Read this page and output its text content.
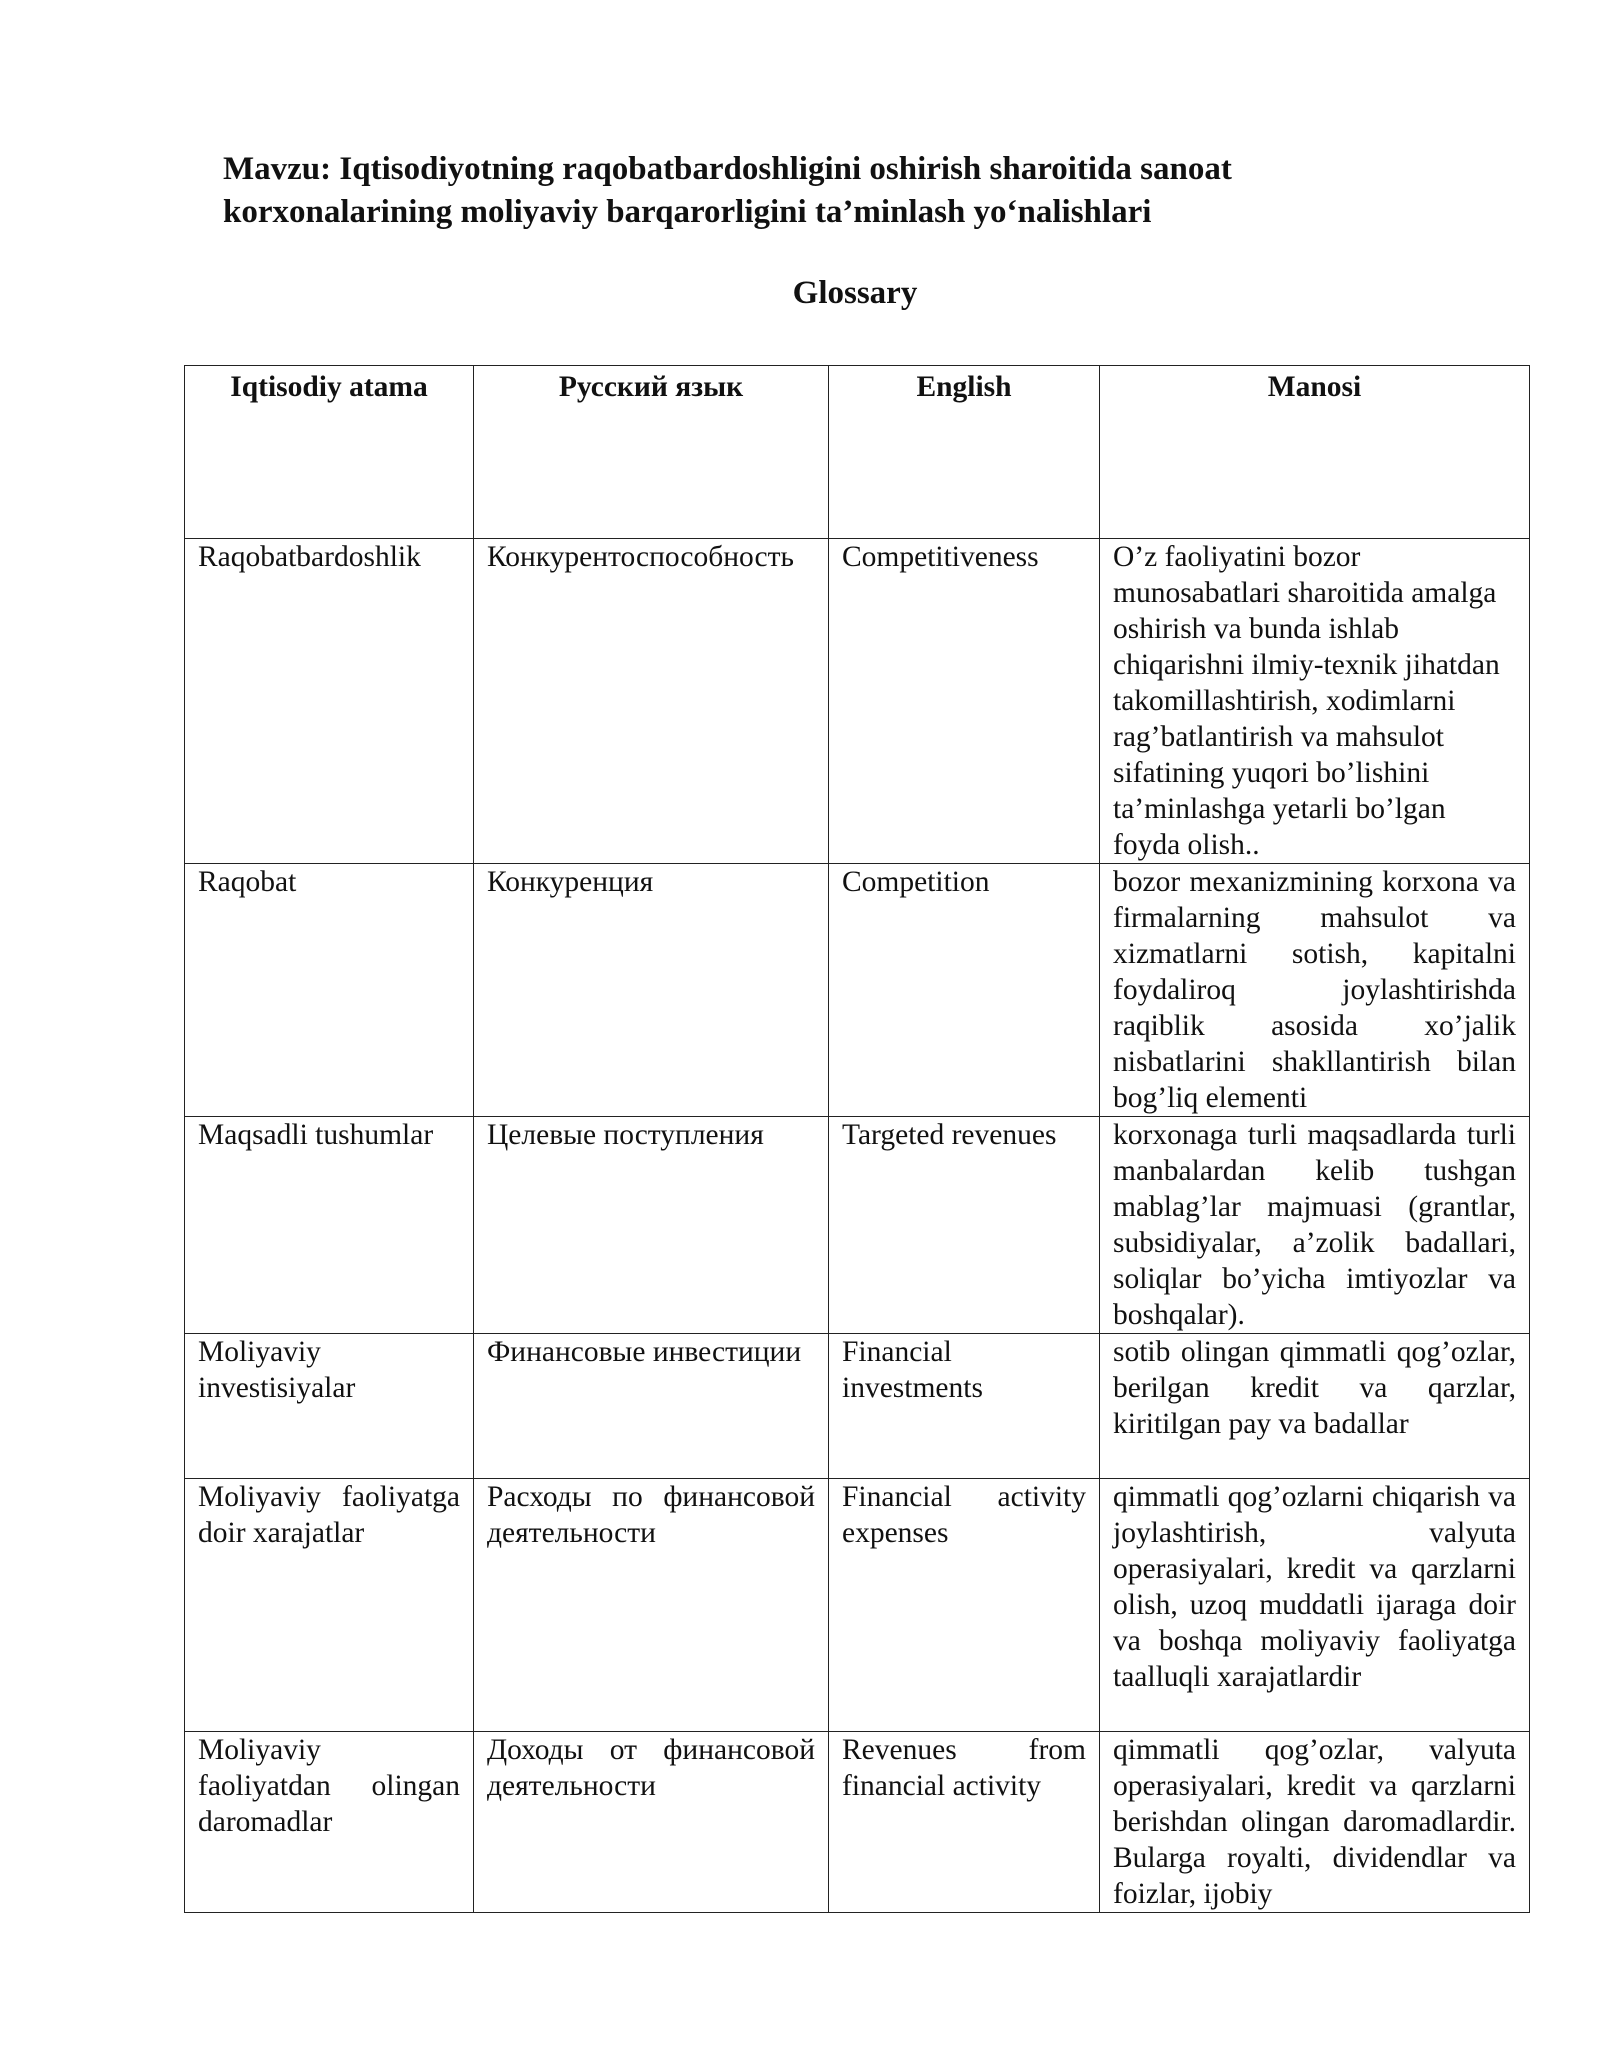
Mavzu: Iqtisodiyotning raqobatbardoshligini oshirish sharoitida sanoat
korxonalarining moliyaviy barqarorligini ta’minlash yo‘nalishlari
Glossary
Iqtisodiy atama	Русский язык	English	Manosi
Raqobatbardoshlik	Конкурентоспособность	Competitiveness	O’z faoliyatini bozor munosabatlari sharoitida amalga oshirish va bunda ishlab chiqarishni ilmiy-texnik jihatdan takomillashtirish, xodimlarni rag’batlantirish va mahsulot sifatining yuqori bo’lishini ta’minlashga yetarli bo’lgan foyda olish..
Raqobat	Конкуренция	Competition	bozor mexanizmining korxona va firmalarning mahsulot va xizmatlarni sotish, kapitalni foydaliroq joylashtirishda raqiblik asosida xo’jalik nisbatlarini shakllantirish bilan bog’liq elementi
Maqsadli tushumlar	Целевые поступления	Targeted revenues	korxonaga turli maqsadlarda turli manbalardan kelib tushgan mablag’lar majmuasi (grantlar, subsidiyalar, a’zolik badallari, soliqlar bo’yicha imtiyozlar va boshqalar).
Moliyaviy investisiyalar	Финансовые инвестиции	Financial investments	sotib olingan qimmatli qog’ozlar, berilgan kredit va qarzlar, kiritilgan pay va badallar
Moliyaviy faoliyatga doir xarajatlar	Расходы по финансовой деятельности	Financial activity expenses	qimmatli qog’ozlarni chiqarish va joylashtirish, valyuta operasiyalari, kredit va qarzlarni olish, uzoq muddatli ijaraga doir va boshqa moliyaviy faoliyatga taalluqli xarajatlardir
Moliyaviy faoliyatdan olingan daromadlar	Доходы от финансовой деятельности	Revenues from financial activity	qimmatli qog’ozlar, valyuta operasiyalari, kredit va qarzlarni berishdan olingan daromadlardir. Bularga royalti, dividendlar va foizlar, ijobiy
